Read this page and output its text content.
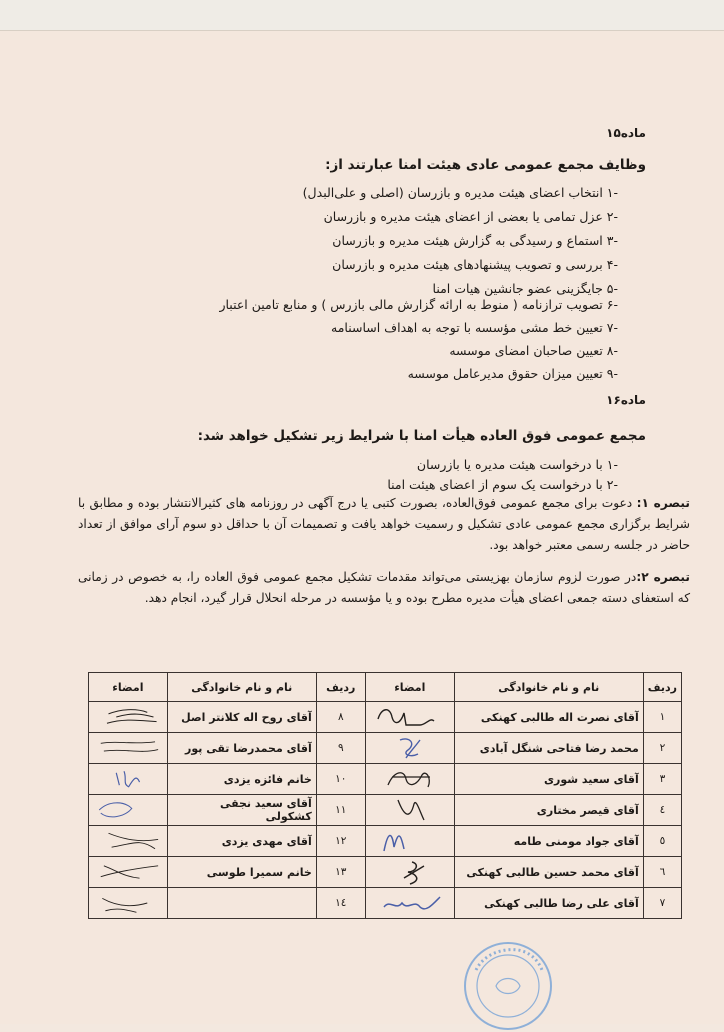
ماده۱۵
وظایف مجمع عمومی عادی هیئت امنا عبارتند از:
-۱ انتخاب اعضای هیئت مدیره و بازرسان (اصلی و علی‌البدل)
-۲ عزل تمامی یا بعضی از اعضای هیئت مدیره و بازرسان
-۳ استماع و رسیدگی به گزارش هیئت مدیره و بازرسان
-۴ بررسی و تصویب پیشنهادهای هیئت مدیره و بازرسان
-۵ جایگزینی عضو جانشین هیات امنا
-۶ تصویب ترازنامه ( منوط به ارائه گزارش مالی بازرس ) و منابع تامین اعتبار
-۷ تعیین خط مشی مؤسسه با توجه به اهداف اساسنامه
-۸ تعیین صاحبان امضای موسسه
-۹ تعیین میزان حقوق مدیرعامل موسسه
ماده۱۶
مجمع عمومی فوق العاده هیأت امنا با شرایط زیر تشکیل خواهد شد:
-۱ با درخواست هیئت مدیره یا بازرسان
-۲ با درخواست یک سوم از اعضای هیئت امنا
تبصره ۱: دعوت برای مجمع عمومی فوق‌العاده، بصورت کتبی یا درج آگهی در روزنامه های کثیرالانتشار بوده و مطابق با شرایط برگزاری مجمع عمومی عادی تشکیل و رسمیت خواهد یافت و تصمیمات آن با حداقل دو سوم آرای موافق از تعداد حاضر در جلسه رسمی معتبر خواهد بود.
تبصره ۲:در صورت لزوم سازمان بهزیستی می‌تواند مقدمات تشکیل مجمع عمومی فوق العاده را، به خصوص در زمانی که استعفای دسته جمعی اعضای هیأت مدیره مطرح بوده و یا مؤسسه در مرحله انحلال قرار گیرد، انجام دهد.
ردیف	نام و نام خانوادگی	امضاء	ردیف	نام و نام خانوادگی	امضاء
۱	آقای نصرت اله طالبی کهنکی		۸	آقای روح اله کلانتر اصل	

۲	محمد رضا فتاحی شنگل آبادی		۹	آقای محمدرضا تقی پور	

۳	آقای سعید شوری		۱۰	خانم فائزه یزدی	

٤	آقای قیصر مختاری		۱۱	آقای سعید نجقی کشکولی	

٥	آقای جواد مومنی طامه		۱۲	آقای مهدی یزدی	

٦	آقای محمد حسین طالبی کهنکی		۱۳	خانم سمیرا طوسی	

٧	آقای علی رضا طالبی کهنکی		۱٤		
